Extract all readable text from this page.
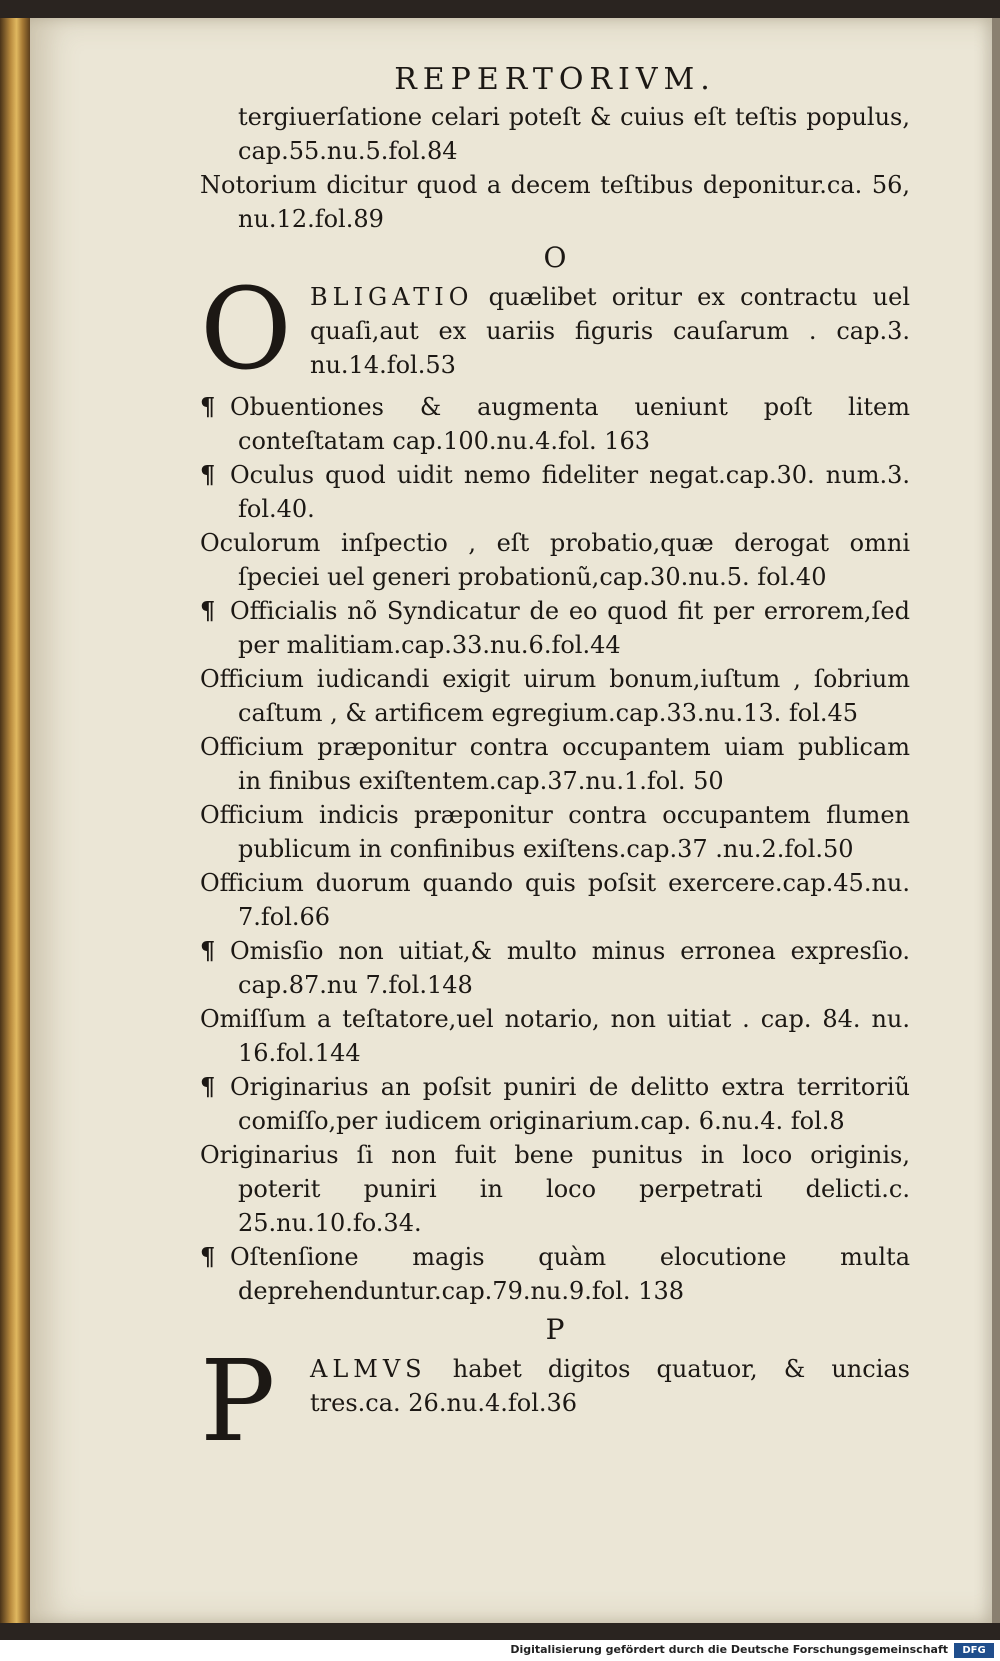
REPERTORIVM.
tergiuerſatione celari poteſt & cuius eſt teſtis populus, cap.55.nu.5.fol.84
Notorium dicitur quod a decem teſtibus deponitur.ca. 56, nu.12.fol.89
O
O BLIGATIO quælibet oritur ex contractu uel quaſi,aut ex uariis figuris cauſarum . cap.3. nu.14.fol.53
¶ Obuentiones & augmenta ueniunt poſt litem conteſtatam cap.100.nu.4.fol. 163
¶ Oculus quod uidit nemo fideliter negat.cap.30. num.3. fol.40.
Oculorum inſpectio , eſt probatio,quæ derogat omni ſpeciei uel generi probationũ,cap.30.nu.5. fol.40
¶ Officialis nõ Syndicatur de eo quod fit per errorem,ſed per malitiam.cap.33.nu.6.fol.44
Officium iudicandi exigit uirum bonum,iuſtum , ſobrium caſtum , & artificem egregium.cap.33.nu.13. fol.45
Officium præponitur contra occupantem uiam publicam in finibus exiſtentem.cap.37.nu.1.fol. 50
Officium indicis præponitur contra occupantem flumen publicum in confinibus exiſtens.cap.37 .nu.2.fol.50
Officium duorum quando quis poſsit exercere.cap.45.nu. 7.fol.66
¶ Omisſio non uitiat,& multo minus erronea expresſio. cap.87.nu 7.fol.148
Omiſſum a teſtatore,uel notario, non uitiat . cap. 84. nu. 16.fol.144
¶ Originarius an poſsit puniri de delitto extra territoriũ comiſſo,per iudicem originarium.cap. 6.nu.4. fol.8
Originarius ſi non fuit bene punitus in loco originis, poterit puniri in loco perpetrati delicti.c. 25.nu.10.fo.34.
¶ Oſtenſione magis quàm elocutione multa deprehenduntur.cap.79.nu.9.fol. 138
P
P	ALMVS habet digitos quatuor, & uncias tres.ca. 26.nu.4.fol.36
Digitalisierung gefördert durch die Deutsche Forschungsgemeinschaft	DFG
